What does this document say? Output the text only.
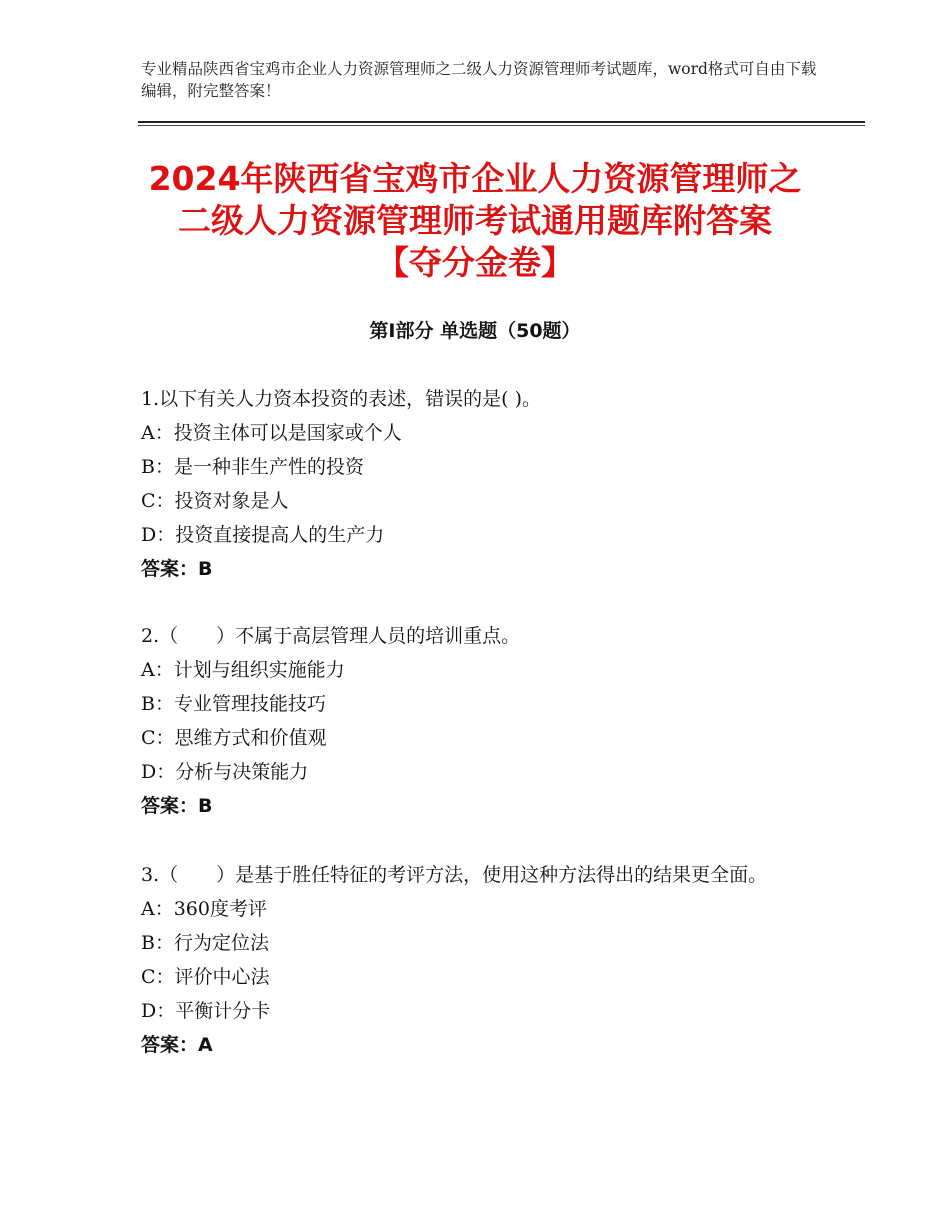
专业精品陕西省宝鸡市企业人力资源管理师之二级人力资源管理师考试题库，word格式可自由下载编辑，附完整答案！
2024年陕西省宝鸡市企业人力资源管理师之
二级人力资源管理师考试通用题库附答案
【夺分金卷】
第Ⅰ部分 单选题（50题）
1.以下有关人力资本投资的表述，错误的是( )。
A：投资主体可以是国家或个人
B：是一种非生产性的投资
C：投资对象是人
D：投资直接提高人的生产力
答案：B
2.（　　）不属于高层管理人员的培训重点。
A：计划与组织实施能力
B：专业管理技能技巧
C：思维方式和价值观
D：分析与决策能力
答案：B
3.（　　）是基于胜任特征的考评方法，使用这种方法得出的结果更全面。
A：360度考评
B：行为定位法
C：评价中心法
D：平衡计分卡
答案：A
